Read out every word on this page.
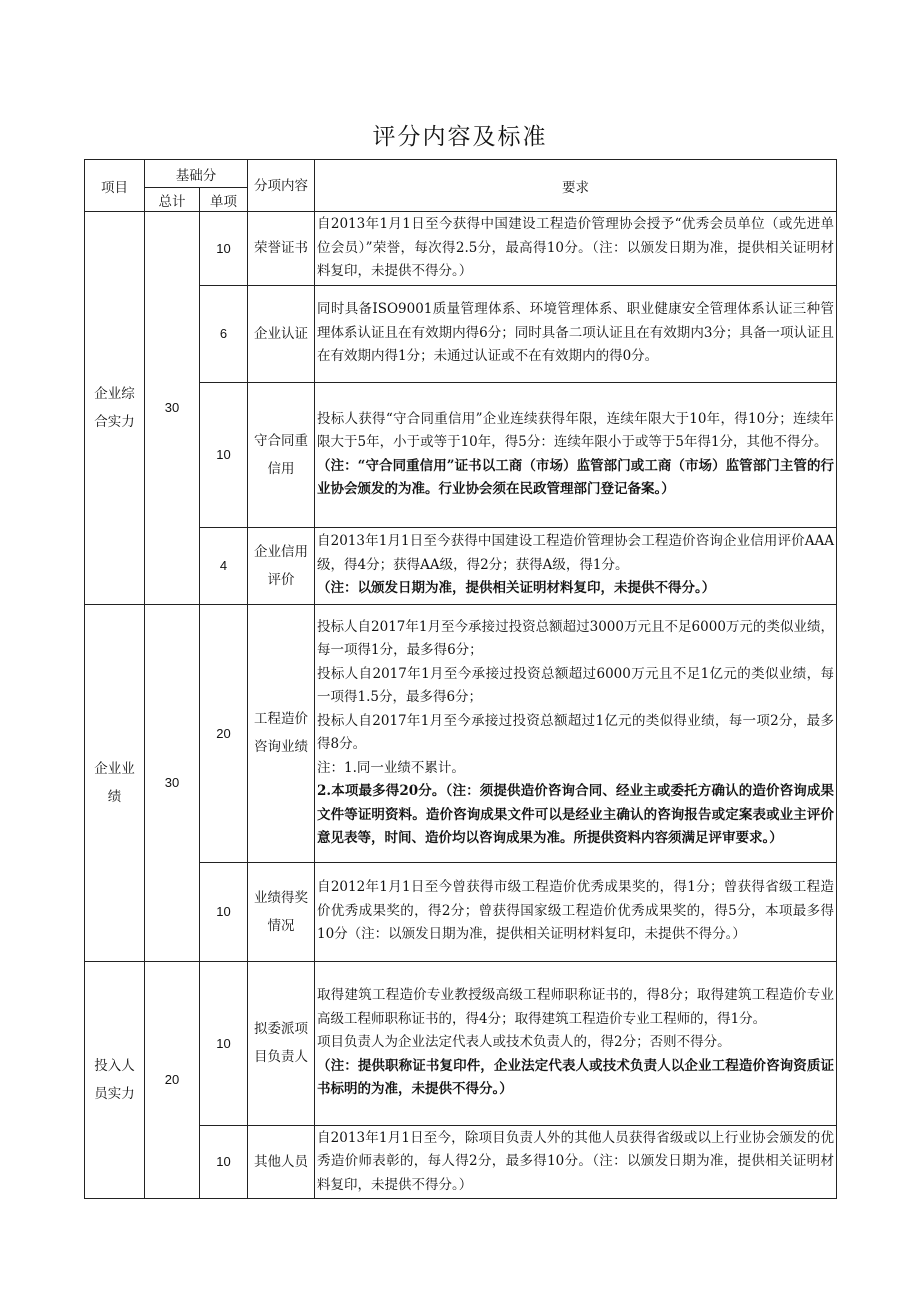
评分内容及标准
项目	基础分		分项内容	要求
	总计	单项		
企业综合实力	30	10	荣誉证书	自2013年1月1日至今获得中国建设工程造价管理协会授予“优秀会员单位（或先进单位会员）”荣誉，每次得2.5分，最高得10分。（注：以颁发日期为准，提供相关证明材料复印，未提供不得分。）

		6	企业认证	同时具备ISO9001质量管理体系、环境管理体系、职业健康安全管理体系认证三种管理体系认证且在有效期内得6分；同时具备二项认证且在有效期内3分；具备一项认证且在有效期内得1分；未通过认证或不在有效期内的得0分。

		10	守合同重信用	投标人获得“守合同重信用”企业连续获得年限，连续年限大于10年，得10分；连续年限大于5年，小于或等于10年，得5分：连续年限小于或等于5年得1分，其他不得分。

（注：“守合同重信用”证书以工商（市场）监管部门或工商（市场）监管部门主管的行业协会颁发的为准。行业协会须在民政管理部门登记备案。）

		4	企业信用评价	自2013年1月1日至今获得中国建设工程造价管理协会工程造价咨询企业信用评价AAA级，得4分；获得AA级，得2分；获得A级，得1分。

（注：以颁发日期为准，提供相关证明材料复印，未提供不得分。）

企业业绩	30	20	工程造价咨询业绩	投标人自2017年1月至今承接过投资总额超过3000万元且不足6000万元的类似业绩，每一项得1分，最多得6分；

投标人自2017年1月至今承接过投资总额超过6000万元且不足1亿元的类似业绩，每一项得1.5分，最多得6分；

投标人自2017年1月至今承接过投资总额超过1亿元的类似得业绩，每一项2分，最多得8分。

注：1.同一业绩不累计。

2.本项最多得20分。（注：须提供造价咨询合同、经业主或委托方确认的造价咨询成果文件等证明资料。造价咨询成果文件可以是经业主确认的咨询报告或定案表或业主评价意见表等，时间、造价均以咨询成果为准。所提供资料内容须满足评审要求。）

		10	业绩得奖情况	自2012年1月1日至今曾获得市级工程造价优秀成果奖的，得1分；曾获得省级工程造价优秀成果奖的，得2分；曾获得国家级工程造价优秀成果奖的，得5分，本项最多得10分（注：以颁发日期为准，提供相关证明材料复印，未提供不得分。）

投入人员实力	20	10	拟委派项目负责人	取得建筑工程造价专业教授级高级工程师职称证书的，得8分；取得建筑工程造价专业高级工程师职称证书的，得4分；取得建筑工程造价专业工程师的，得1分。

项目负责人为企业法定代表人或技术负责人的，得2分；否则不得分。

（注：提供职称证书复印件，企业法定代表人或技术负责人以企业工程造价咨询资质证书标明的为准，未提供不得分。）

		10	其他人员	自2013年1月1日至今，除项目负责人外的其他人员获得省级或以上行业协会颁发的优秀造价师表彰的，每人得2分，最多得10分。（注：以颁发日期为准，提供相关证明材料复印，未提供不得分。）
